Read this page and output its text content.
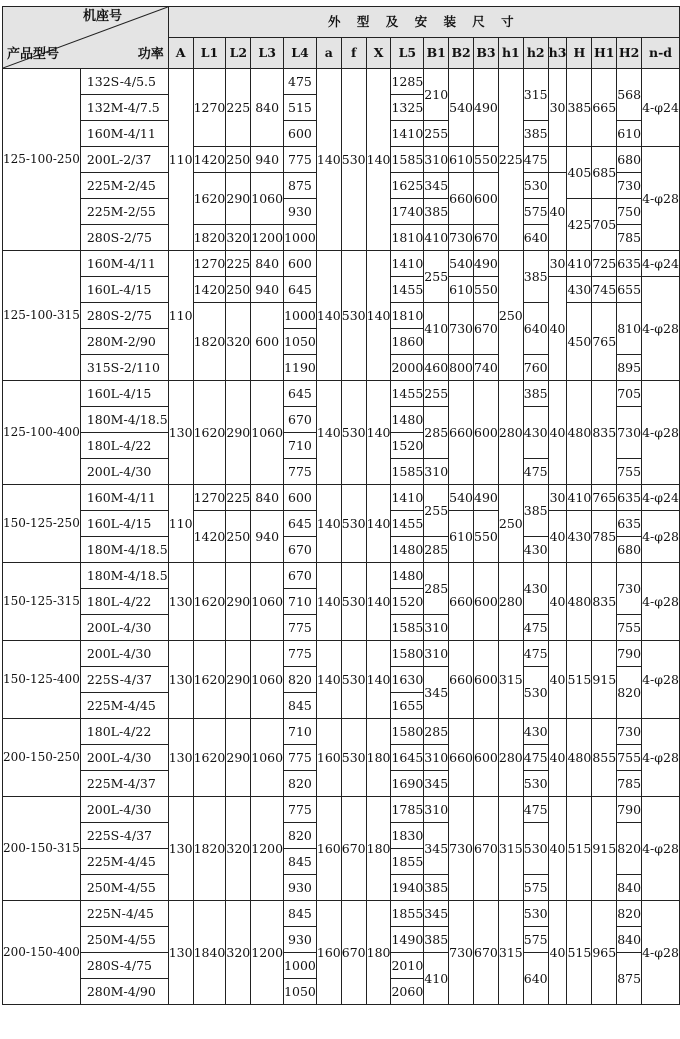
产品型号
机座号
功率		外 型 及 安 装 尺 寸																		
		A	L1	L2	L3	L4	a	f	X	L5	B1	B2	B3	h1	h2	h3	H	H1	H2	n-d
125-100-250	132S-4/5.5	110	1270	225	840	475	140	530	140	1285	210	540	490	225	315	30	385	665	568	4-φ24
	132M-4/7.5					515				1325										
	160M-4/11					600				1410	255				385				610	
	200L-2/37		1420	250	940	775				1585	310	610	550		475		405	685	680	4-φ28
	225M-2/45		1620	290	1060	875				1625	345	660	600		530	40			730	
	225M-2/55					930				1740	385				575		425	705	750	
	280S-2/75		1820	320	1200	1000				1810	410	730	670		640				785	
125-100-315	160M-4/11	110	1270	225	840	600	140	530	140	1410	255	540	490	250	385	30	410	725	635	4-φ24
	160L-4/15		1420	250	940	645				1455		610	550			40	430	745	655	4-φ28
	280S-2/75		1820	320	600	1000				1810	410	730	670		640		450	765	810	
	280M-2/90					1050				1860										
	315S-2/110					1190				2000	460	800	740		760				895	
125-100-400	160L-4/15	130	1620	290	1060	645	140	530	140	1455	255	660	600	280	385	40	480	835	705	4-φ28
	180M-4/18.5					670				1480	285				430				730	
	180L-4/22					710				1520										
	200L-4/30					775				1585	310				475				755	
150-125-250	160M-4/11	110	1270	225	840	600	140	530	140	1410	255	540	490	250	385	30	410	765	635	4-φ24
	160L-4/15		1420	250	940	645				1455		610	550			40	430	785	635	4-φ28
	180M-4/18.5					670				1480	285				430				680	
150-125-315	180M-4/18.5	130	1620	290	1060	670	140	530	140	1480	285	660	600	280	430	40	480	835	730	4-φ28
	180L-4/22					710				1520										
	200L-4/30					775				1585	310				475				755	
150-125-400	200L-4/30	130	1620	290	1060	775	140	530	140	1580	310	660	600	315	475	40	515	915	790	4-φ28
	225S-4/37					820				1630	345				530				820	
	225M-4/45					845				1655										
200-150-250	180L-4/22	130	1620	290	1060	710	160	530	180	1580	285	660	600	280	430	40	480	855	730	4-φ28
	200L-4/30					775				1645	310				475				755	
	225M-4/37					820				1690	345				530				785	
200-150-315	200L-4/30	130	1820	320	1200	775	160	670	180	1785	310	730	670	315	475	40	515	915	790	4-φ28
	225S-4/37					820				1830	345				530				820	
	225M-4/45					845				1855										
	250M-4/55					930				1940	385				575				840	
200-150-400	225N-4/45	130	1840	320	1200	845	160	670	180	1855	345	730	670	315	530	40	515	965	820	4-φ28
	250M-4/55					930				1490	385				575				840	
	280S-4/75					1000				2010	410				640				875	
	280M-4/90					1050				2060										
